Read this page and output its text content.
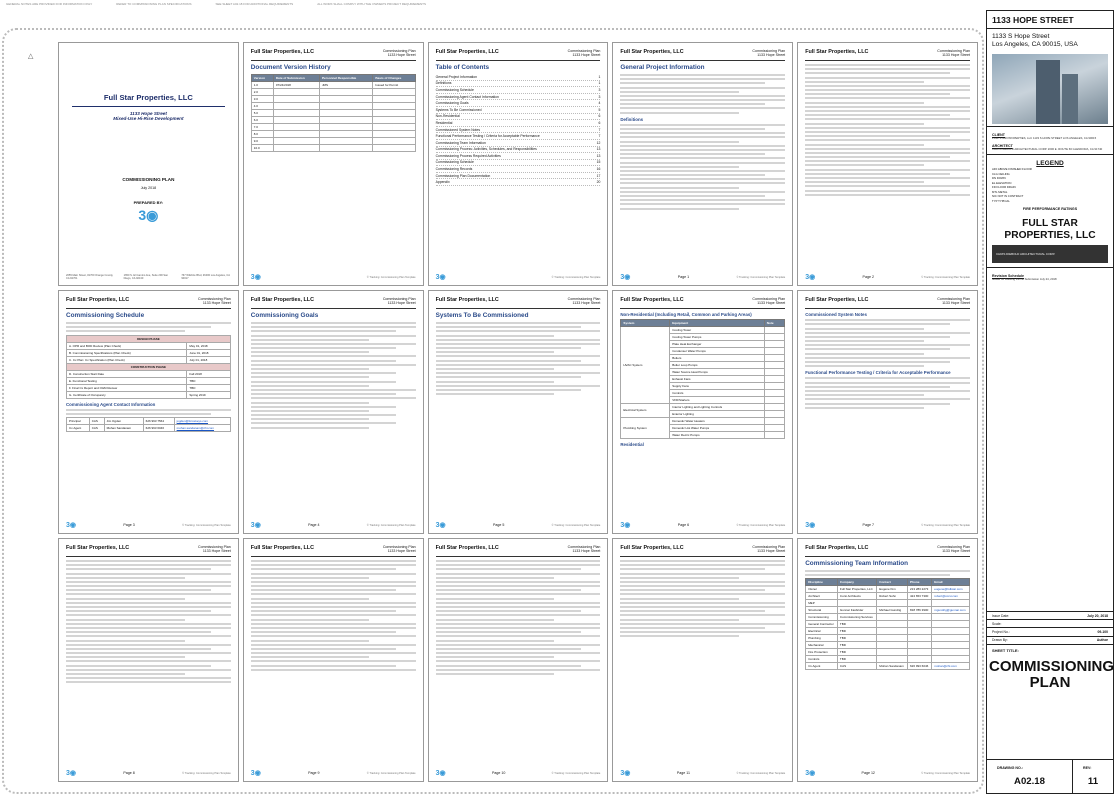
GENERAL NOTES ARE PROVIDED FOR INFORMATION ONLY	REFER TO COMMISSIONING PLAN SPECIFICATIONS	SEE SHEET A02.18 FOR ADDITIONAL REQUIREMENTS	ALL WORK SHALL COMPLY WITH THE OWNER'S PROJECT REQUIREMENTS
△
Full Star Properties, LLC
1133 Hope Street
Mixed-Use Hi-Rise Development
COMMISSIONING PLAN
July 2018
PREPARED BY:
3◉
2055 Main Street, #1700 Orange County, CA 92701
1650 S. El Camino Ave, Suite 200 San Diego, CA 92130
767 Wilshire Blvd, #1000 Los Angeles, CA 90017
Full Star Properties, LLC	Commissioning Plan
1133 Hope Street
Document Version History
Version	Date of Submission	Personnel Responsible	Basis of Changes
1.0	07/24/2018	JMS	Issued for Permit
2.0			
3.0			
4.0			
5.0			
6.0			
7.0			
8.0			
9.0			
10.0			
3◉	© Tracking: Commissioning Plan Template
Full Star Properties, LLC	Commissioning Plan
1133 Hope Street
Table of Contents
General Project Information	1
Definitions	1
Commissioning Schedule	3
Commissioning Agent Contact Information	3
Commissioning Goals	4
Systems To Be Commissioned	5
Non-Residential	6
Residential	6
Commissioned System Notes	7
Functional Performance Testing / Criteria for Acceptable Performance	7
Commissioning Team Information	12
Commissioning Process: Activities, Schedules, and Responsibilities	13
Commissioning Process Required Activities	13
Commissioning Schedule	15
Commissioning Records	16
Commissioning Plan Documentation	17
Appendix	20
3◉	© Tracking: Commissioning Plan Template
Full Star Properties, LLC	Commissioning Plan
1133 Hope Street
General Project Information
Definitions
3◉	Page 1	© Tracking: Commissioning Plan Template
Full Star Properties, LLC	Commissioning Plan
1133 Hope Street
3◉	Page 2	© Tracking: Commissioning Plan Template
Full Star Properties, LLC	Commissioning Plan
1133 Hope Street
Commissioning Schedule
DESIGN PHASE	
A. OPR and BOD Review (Plan Check)	May 01, 2018
B. Commissioning Specifications (Plan Check)	June 01, 2018
C. Cx Plan: Cx Specification (Plan Check)	July 01, 2018
CONSTRUCTION PHASE	
D. Construction Start Date	Fall 2018
E. Functional Testing	TBD
F. Final Cx Report and O&M Review	TBD
G. Certificate of Occupancy	Spring 2019
Commissioning Agent Contact Information
Principal	CAS	Jim Ogden	626 993 7564	jogden@forcekeys.com
Cx Agent	CAS	Mohan Sandanam	626 993 6046	mohan.sandanam@chi.com
3◉	Page 3	© Tracking: Commissioning Plan Template
Full Star Properties, LLC	Commissioning Plan
1133 Hope Street
Commissioning Goals
3◉	Page 4	© Tracking: Commissioning Plan Template
Full Star Properties, LLC	Commissioning Plan
1133 Hope Street
Systems To Be Commissioned
3◉	Page 5	© Tracking: Commissioning Plan Template
Full Star Properties, LLC	Commissioning Plan
1133 Hope Street
Non-Residential (Including Retail, Common and Parking Areas)
System	Equipment	Note
HVAC System	Cooling Tower	
	Cooling Tower Pumps	
	Plate Heat Exchanger	
	Condenser Water Pumps	
	Boilers	
	Boiler Loop Pumps	
	Water Source Heat Pumps	
	Exhaust Fans	
	Supply Fans	
	Controls	
	VFD/Starters	
Electrical System	Interior Lighting and Lighting Controls	
	Exterior Lighting	
Plumbing System	Domestic Water Heaters	
	Domestic Hot Water Pumps	
	Water Recirc Pumps	
Residential
3◉	Page 6	© Tracking: Commissioning Plan Template
Full Star Properties, LLC	Commissioning Plan
1133 Hope Street
Commissioned System Notes
Functional Performance Testing / Criteria for Acceptable Performance
3◉	Page 7	© Tracking: Commissioning Plan Template
Full Star Properties, LLC	Commissioning Plan
1133 Hope Street
3◉	Page 8	© Tracking: Commissioning Plan Template
Full Star Properties, LLC	Commissioning Plan
1133 Hope Street
3◉	Page 9	© Tracking: Commissioning Plan Template
Full Star Properties, LLC	Commissioning Plan
1133 Hope Street
3◉	Page 10	© Tracking: Commissioning Plan Template
Full Star Properties, LLC	Commissioning Plan
1133 Hope Street
3◉	Page 11	© Tracking: Commissioning Plan Template
Full Star Properties, LLC	Commissioning Plan
1133 Hope Street
Commissioning Team Information
Discipline	Company	Contact	Phone	Email
Owner	Full Star Properties, LLC	Eugene Kim	213 283 2273	eugene@fullstar.com
Architect	Corsi Architects	Robert Sohn	424 653 7300	robert@corsi.com
MEP				
Structural	Gunnar Fasbrider	Michael Gundrig	818 786 3900	mgundrig@gunnar.com
Commissioning	Commissioning Services			
General Contractor	TBD			
Electrical	TBD			
Plumbing	TBD			
Mechanical	TBD			
Fire Protection	TBD			
Controls	TBD			
Cx Agent	CAS	Mohan Sandanam	626 993 6046	mohan@chi.com
3◉	Page 12	© Tracking: Commissioning Plan Template
1133 HOPE STREET
1133 S Hope Street
Los Angeles, CA 90015, USA
CLIENT
FULL STAR PROPERTIES, LLC 1133 S HOPE STREET LOS ANGELES, CA 90015
ARCHITECT
CHRIS DIEBOLD ARCHITECTURAL CORP. 2000 E. ROUTE 66 GLENDORA, CA 91740
LEGEND
AFF ABOVE FINISHED FLOOR
CLG CEILING
DN DOWN
EL ELEVATION
FD FLOOR DRAIN
MTL METAL
NIC NOT IN CONTRACT
TYP TYPICAL
FIRE PERFORMANCE RATINGS
FULL STAR PROPERTIES, LLC
CHRIS DIEBOLD ARCHITECTURAL CORP.
Revision Schedule
Issued for Building Permit Submission July 24, 2018
Issue Date:	July 20, 2018
Scale:
Project No.:	09-100
Drawn By:	Author
SHEET TITLE:
COMMISSIONING PLAN
DRAWING NO.:
A02.18
REV:
11
